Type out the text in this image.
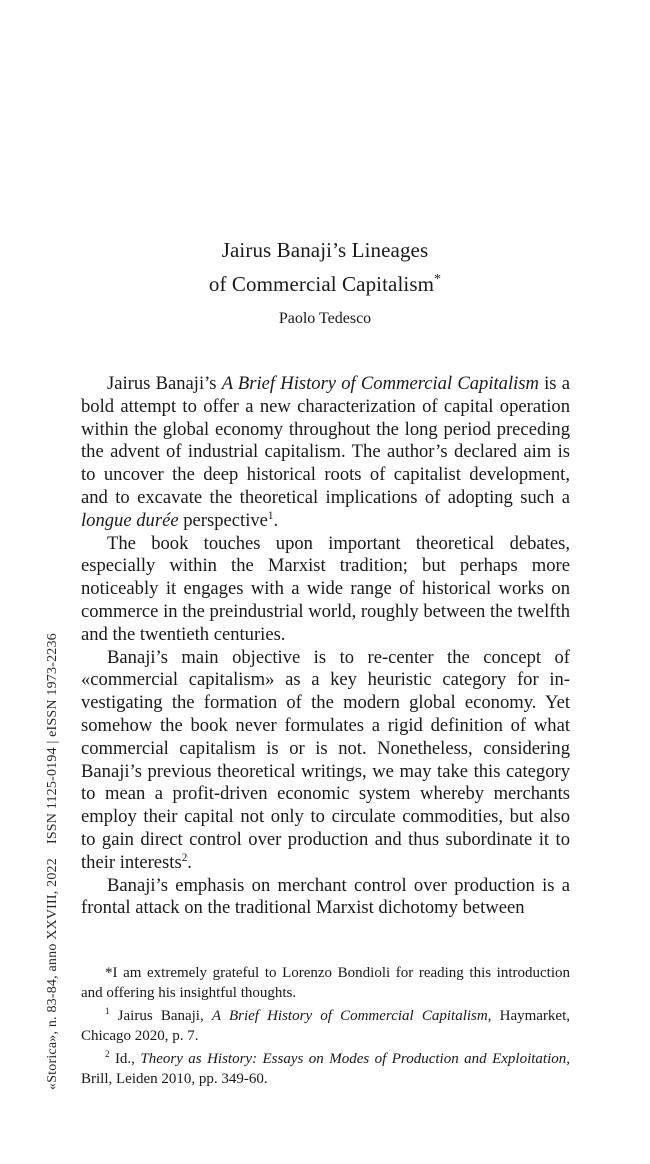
Jairus Banaji’s Lineages
of Commercial Capitalism*
Paolo Tedesco

Jairus Banaji’s A Brief History of Commercial Capitalism is a bold attempt to offer a new characterization of capital operation within the global economy throughout the long period preceding the advent of industrial capitalism. The author’s declared aim is to uncover the deep historical roots of capitalist development, and to excavate the theoretical implications of adopting such a longue durée perspective$^1$.

The book touches upon important theoretical debates, especially within the Marxist tradition; but perhaps more noticeably it engages with a wide range of historical works on commerce in the preindustrial world, roughly between the twelfth and the twentieth centuries.

Banaji’s main objective is to re-center the concept of «commercial capitalism» as a key heuristic category for investigating the formation of the modern global economy. Yet somehow the book never formulates a rigid definition of what commercial capitalism is or is not. Nonetheless, considering Banaji’s previous theoretical writings, we may take this category to mean a profit-driven economic system whereby merchants employ their capital not only to circulate commodities, but also to gain direct control over production and thus subordinate it to their interests$^2$.

Banaji’s emphasis on merchant control over production is a frontal attack on the traditional Marxist dichotomy between

*I am extremely grateful to Lorenzo Bondioli for reading this introduction and offering his insightful thoughts.

$^1$ Jairus Banaji, A Brief History of Commercial Capitalism, Haymarket, Chicago 2020, p. 7.

$^2$ Id., Theory as History: Essays on Modes of Production and Exploitation, Brill, Leiden 2010, pp. 349-60.

«Storica», n. 83-84, anno XXVIII, 2022ISSN 1125-0194 | eISSN 1973-2236
